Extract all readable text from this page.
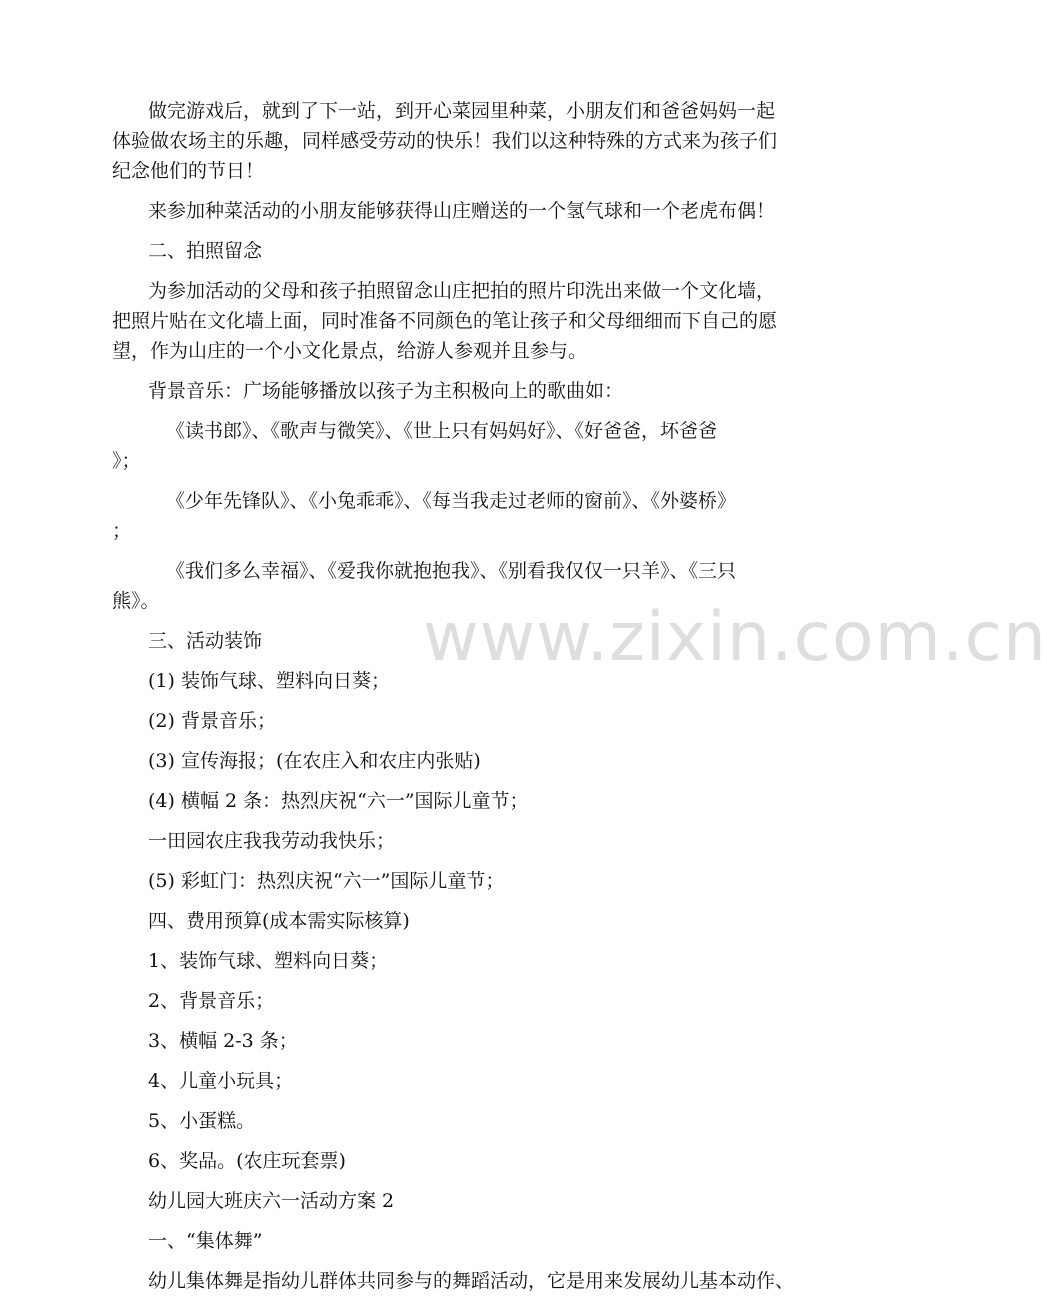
www.zixin.com.cn
做完游戏后，就到了下一站，到开心菜园里种菜，小朋友们和爸爸妈妈一起
体验做农场主的乐趣，同样感受劳动的快乐！我们以这种特殊的方式来为孩子们
纪念他们的节日！
来参加种菜活动的小朋友能够获得山庄赠送的一个氢气球和一个老虎布偶！
二、拍照留念
为参加活动的父母和孩子拍照留念山庄把拍的照片印洗出来做一个文化墙，
把照片贴在文化墙上面，同时准备不同颜色的笔让孩子和父母细细而下自己的愿
望，作为山庄的一个小文化景点，给游人参观并且参与。
背景音乐：广场能够播放以孩子为主积极向上的歌曲如：
《读书郎》、《歌声与微笑》、《世上只有妈妈好》、《好爸爸，坏爸爸
》；
《少年先锋队》、《小兔乖乖》、《每当我走过老师的窗前》、《外婆桥》
；
《我们多么幸福》、《爱我你就抱抱我》、《别看我仅仅一只羊》、《三只
熊》。
三、活动装饰
(1) 装饰气球、塑料向日葵；
(2) 背景音乐；
(3) 宣传海报；(在农庄入和农庄内张贴)
(4) 横幅 2 条：热烈庆祝“六一”国际儿童节；
一田园农庄我我劳动我快乐；
(5) 彩虹门：热烈庆祝“六一”国际儿童节；
四、费用预算(成本需实际核算)
1、装饰气球、塑料向日葵；
2、背景音乐；
3、横幅 2-3 条；
4、儿童小玩具；
5、小蛋糕。
6、奖品。(农庄玩套票)
幼儿园大班庆六一活动方案 2
一、“集体舞”
幼儿集体舞是指幼儿群体共同参与的舞蹈活动，它是用来发展幼儿基本动作、
